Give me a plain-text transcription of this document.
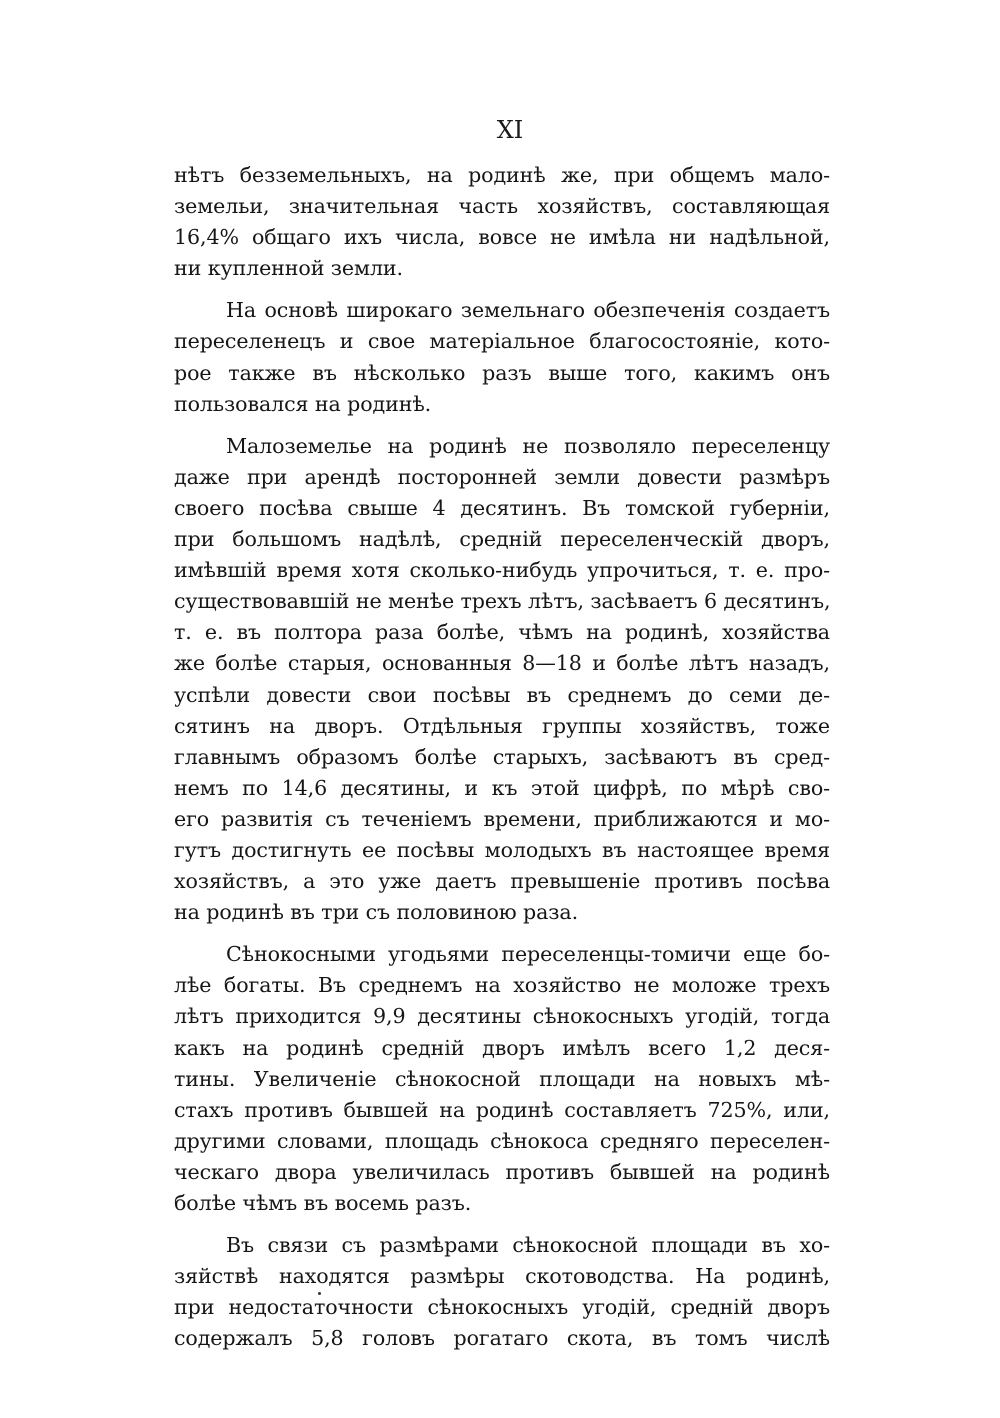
XI
нѣтъ безземельныхъ, на родинѣ же, при общемъ мало-
земельи, значительная часть хозяйствъ, составляющая
16,4% общаго ихъ числа, вовсе не имѣла ни надѣльной,
ни купленной земли.
На основѣ широкаго земельнаго обезпеченія создаетъ
переселенецъ и свое матеріальное благосостояніе, кото-
рое также въ нѣсколько разъ выше того, какимъ онъ
пользовался на родинѣ.
Малоземелье на родинѣ не позволяло переселенцу
даже при арендѣ посторонней земли довести размѣръ
своего посѣва свыше 4 десятинъ. Въ томской губерніи,
при большомъ надѣлѣ, средній переселенческій дворъ,
имѣвшій время хотя сколько-нибудь упрочиться, т. е. про-
существовавшій не менѣе трехъ лѣтъ, засѣваетъ 6 десятинъ,
т. е. въ полтора раза болѣе, чѣмъ на родинѣ, хозяйства
же болѣе старыя, основанныя 8—18 и болѣе лѣтъ назадъ,
успѣли довести свои посѣвы въ среднемъ до семи де-
сятинъ на дворъ. Отдѣльныя группы хозяйствъ, тоже
главнымъ образомъ болѣе старыхъ, засѣваютъ въ сред-
немъ по 14,6 десятины, и къ этой цифрѣ, по мѣрѣ сво-
его развитія съ теченіемъ времени, приближаются и мо-
гутъ достигнуть ее посѣвы молодыхъ въ настоящее время
хозяйствъ, а это уже даетъ превышеніе противъ посѣва
на родинѣ въ три съ половиною раза.
Сѣнокосными угодьями переселенцы-томичи еще бо-
лѣе богаты. Въ среднемъ на хозяйство не моложе трехъ
лѣтъ приходится 9,9 десятины сѣнокосныхъ угодій, тогда
какъ на родинѣ средній дворъ имѣлъ всего 1,2 деся-
тины. Увеличеніе сѣнокосной площади на новыхъ мѣ-
стахъ противъ бывшей на родинѣ составляетъ 725%, или,
другими словами, площадь сѣнокоса средняго переселен-
ческаго двора увеличилась противъ бывшей на родинѣ
болѣе чѣмъ въ восемь разъ.
Въ связи съ размѣрами сѣнокосной площади въ хо-
зяйствѣ находятся размѣры скотоводства. На родинѣ,
при недостаточности сѣнокосныхъ угодій, средній дворъ
содержалъ 5,8 головъ рогатаго скота, въ томъ числѣ
